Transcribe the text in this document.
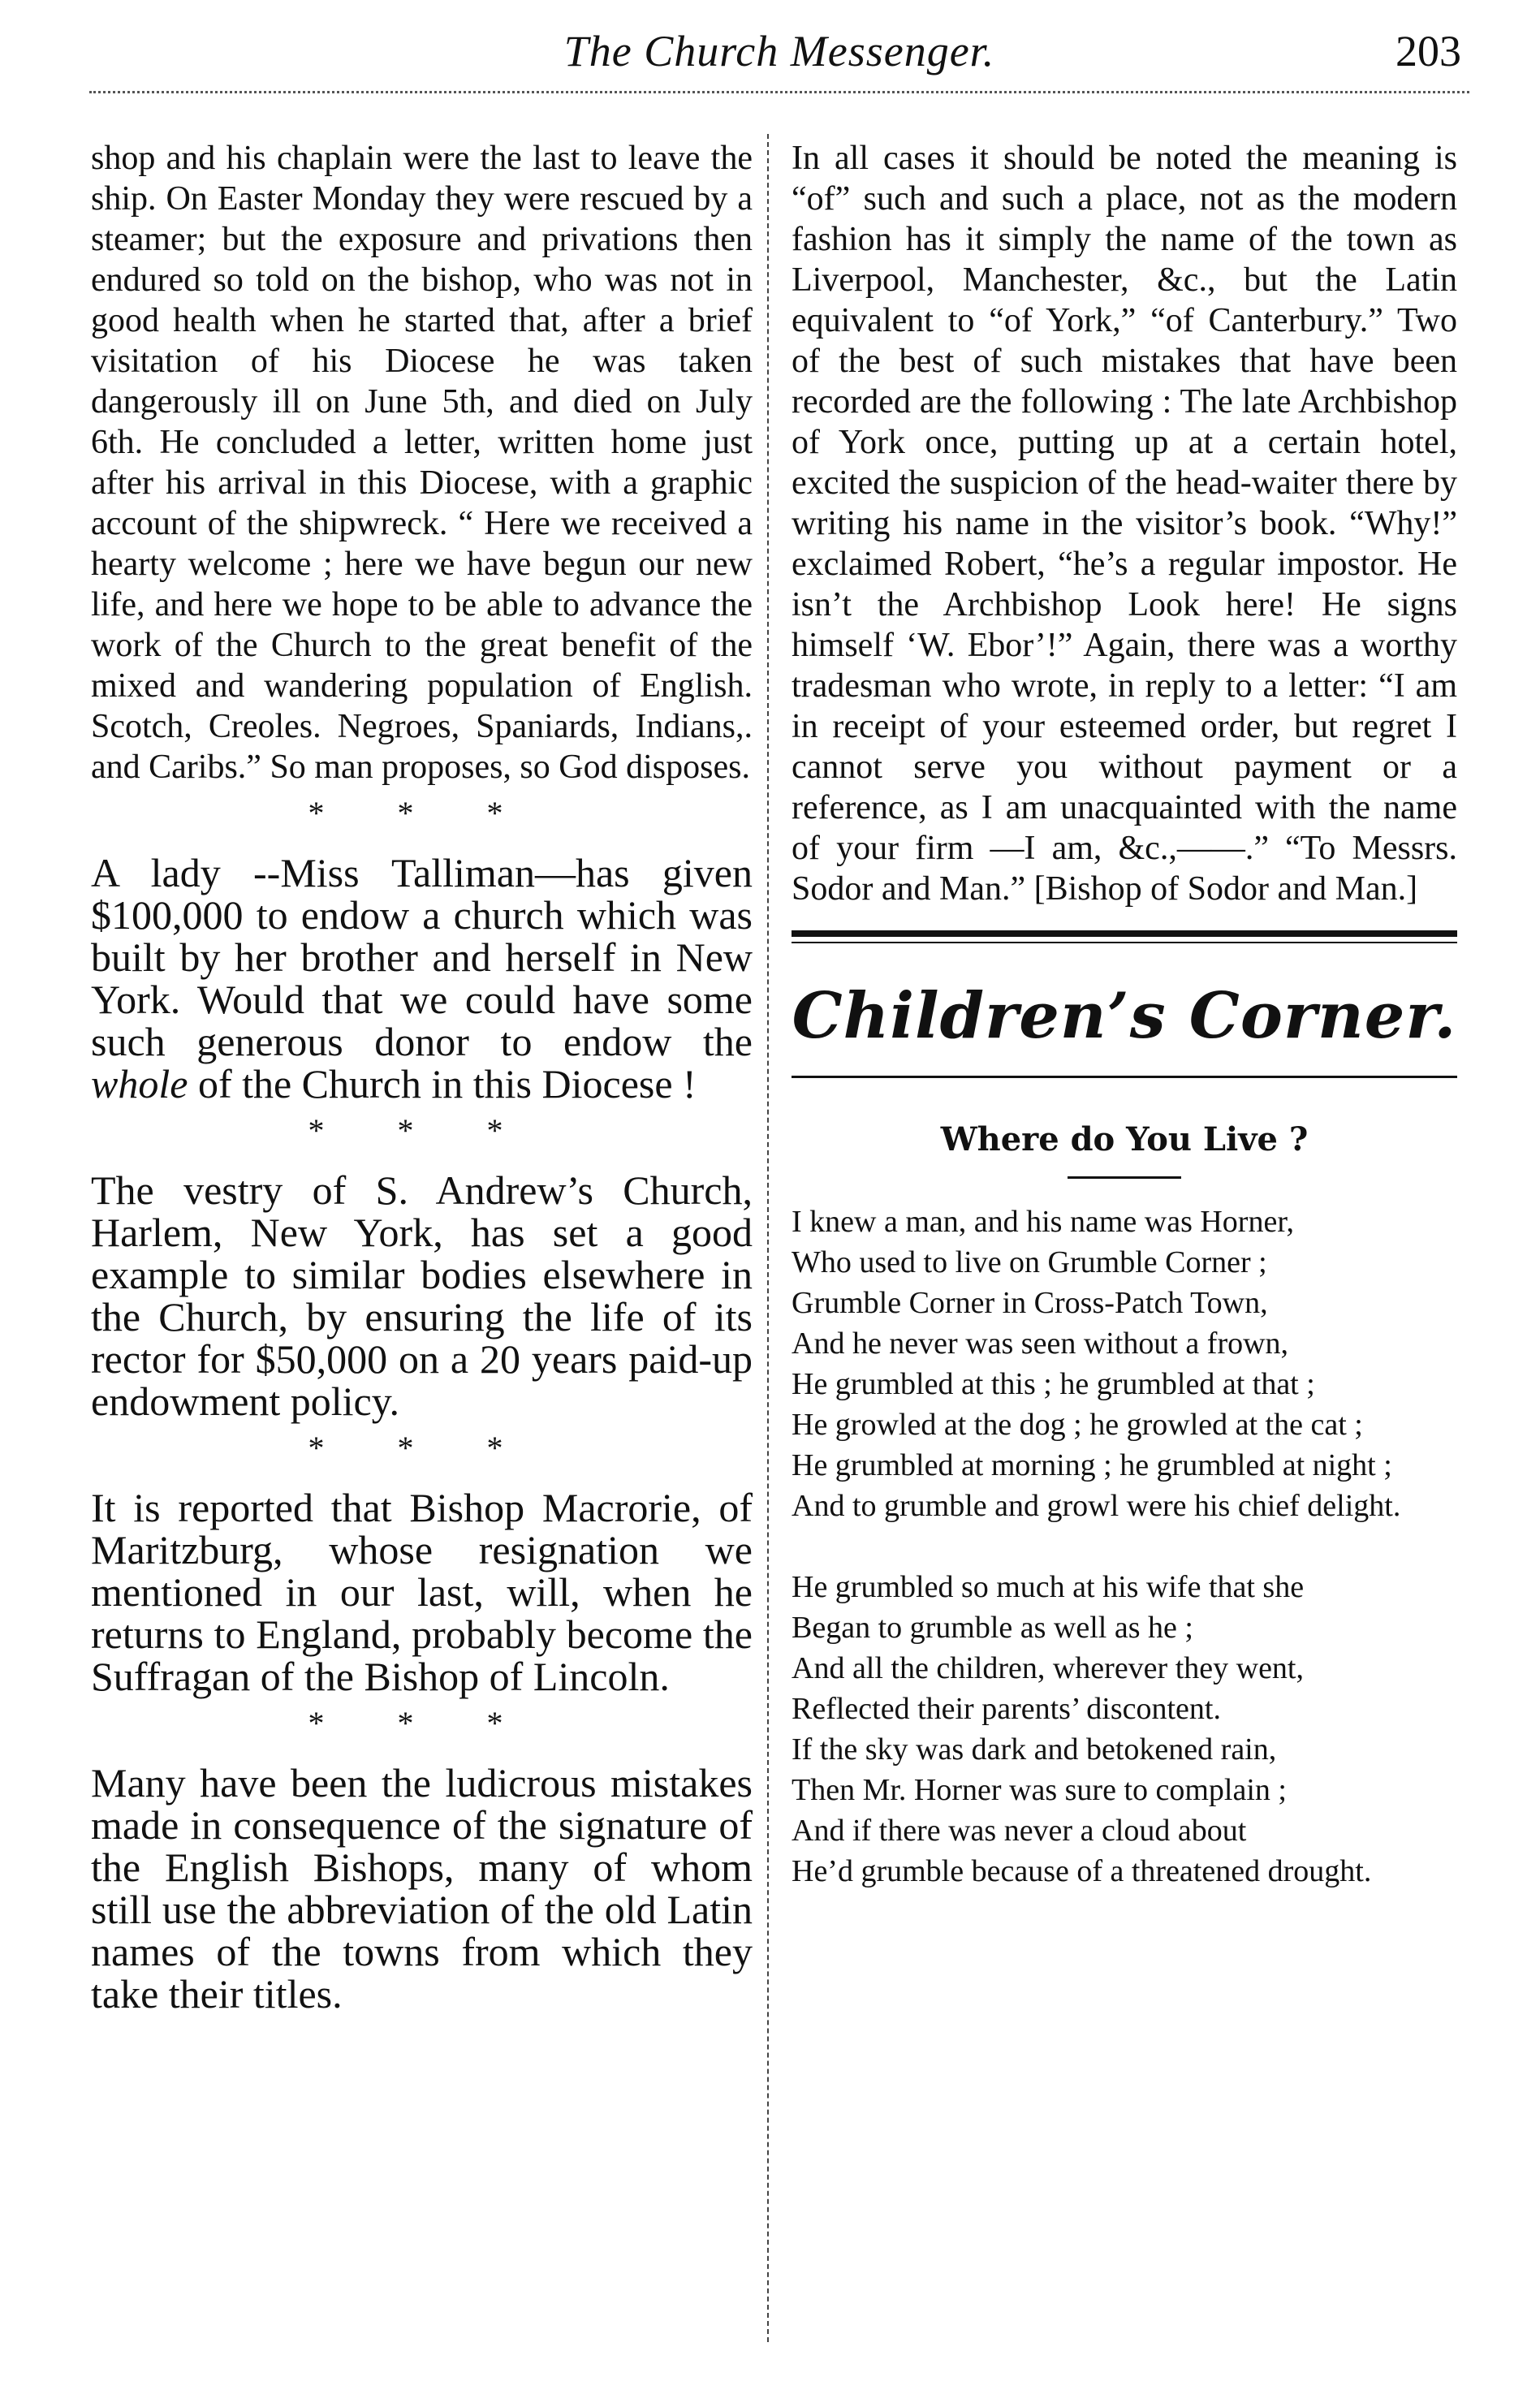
The Church Messenger.	203

shop and his chaplain were the last to leave the ship. On Easter Monday they were rescued by a steamer; but the exposure and privations then endured so told on the bishop, who was not in good health when he started that, after a brief visitation of his Diocese he was taken dangerously ill on June 5th, and died on July 6th. He concluded a letter, written home just after his arrival in this Diocese, with a graphic account of the shipwreck. “ Here we received a hearty welcome ; here we have begun our new life, and here we hope to be able to advance the work of the Church to the great benefit of the mixed and wandering population of English. Scotch, Creoles. Negroes, Spaniards, Indians,. and Caribs.” So man proposes, so God disposes.

* * *

A lady --Miss Talliman—has given $100,000 to endow a church which was built by her brother and herself in New York. Would that we could have some such generous donor to endow the whole of the Church in this Diocese !

* * *

The vestry of S. Andrew’s Church, Harlem, New York, has set a good example to similar bodies elsewhere in the Church, by ensuring the life of its rector for $50,000 on a 20 years paid-up endowment policy.

* * *

It is reported that Bishop Macrorie, of Maritzburg, whose resignation we mentioned in our last, will, when he returns to England, probably become the Suffragan of the Bishop of Lincoln.

* * *

Many have been the ludicrous mistakes made in consequence of the signature of the English Bishops, many of whom still use the abbreviation of the old Latin names of the towns from which they take their titles.

In all cases it should be noted the meaning is “of” such and such a place, not as the modern fashion has it simply the name of the town as Liverpool, Manchester, &c., but the Latin equivalent to “of York,” “of Canterbury.” Two of the best of such mistakes that have been recorded are the following : The late Archbishop of York once, putting up at a certain hotel, excited the suspicion of the head-waiter there by writing his name in the visitor’s book. “Why!” exclaimed Robert, “he’s a regular impostor. He isn’t the Archbishop Look here! He signs himself ‘W. Ebor’!” Again, there was a worthy tradesman who wrote, in reply to a letter: “I am in receipt of your esteemed order, but regret I cannot serve you without payment or a reference, as I am unacquainted with the name of your firm —I am, &c.,——.” “To Messrs. Sodor and Man.” [Bishop of Sodor and Man.]

Children’s Corner.
Where do You Live ?
I knew a man, and his name was Horner,
Who used to live on Grumble Corner ;
Grumble Corner in Cross-Patch Town,
And he never was seen without a frown,
He grumbled at this ; he grumbled at that ;
He growled at the dog ; he growled at the cat ;
He grumbled at morning ; he grumbled at night ;
And to grumble and growl were his chief delight.
He grumbled so much at his wife that she
Began to grumble as well as he ;
And all the children, wherever they went,
Reflected their parents’ discontent.
If the sky was dark and betokened rain,
Then Mr. Horner was sure to complain ;
And if there was never a cloud about
He’d grumble because of a threatened drought.
